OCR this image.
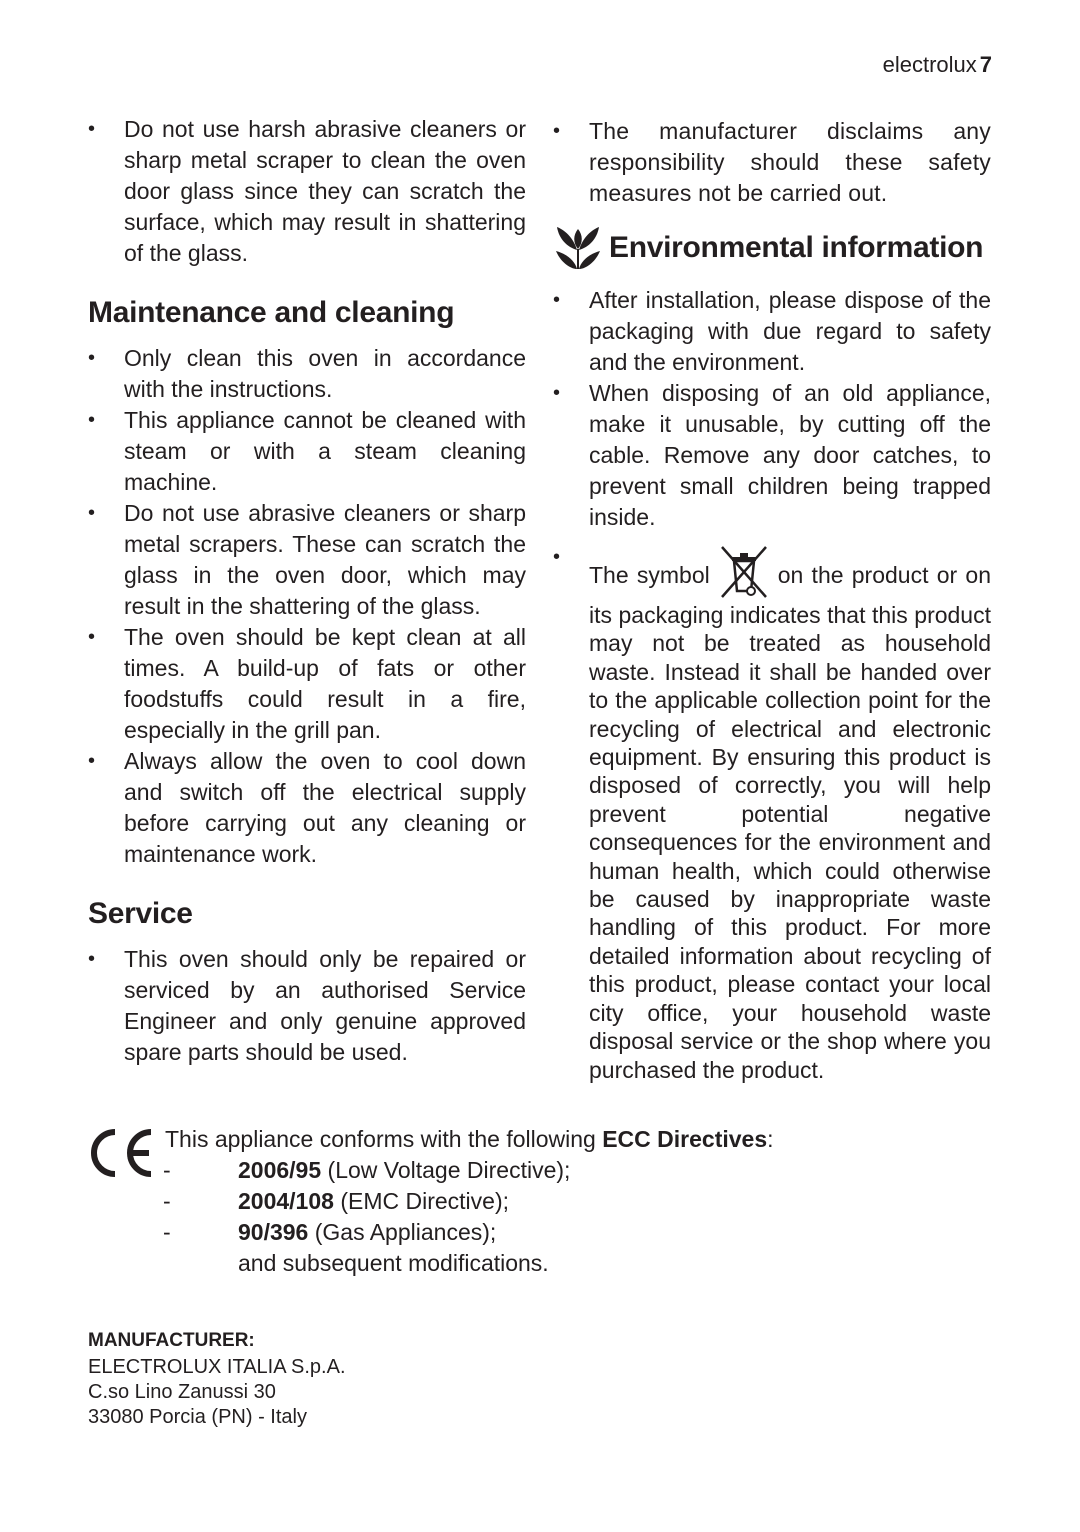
electrolux 7
• Do not use harsh abrasive cleaners or sharp metal scraper to clean the oven door glass since they can scratch the surface, which may result in shattering of the glass.
Maintenance and cleaning
• Only clean this oven in accordance with the instructions.
• This appliance cannot be cleaned with steam or with a steam cleaning machine.
• Do not use abrasive cleaners or sharp metal scrapers. These can scratch the glass in the oven door, which may result in the shattering of the glass.
• The oven should be kept clean at all times. A build-up of fats or other foodstuffs could result in a fire, especially in the grill pan.
• Always allow the oven to cool down and switch off the electrical supply before carrying out any cleaning or maintenance work.
Service
• This oven should only be repaired or serviced by an authorised Service Engineer and only genuine approved spare parts should be used.
• The manufacturer disclaims any responsibility should these safety measures not be carried out.
Environmental information
• After installation, please dispose of the packaging with due regard to safety and the environment.
• When disposing of an old appliance, make it unusable, by cutting off the cable. Remove any door catches, to prevent small children being trapped inside.
•
The symbol	on the product or on its packaging indicates that this product may not be treated as household waste. Instead it shall be handed over to the applicable collection point for the recycling of electrical and electronic equipment. By ensuring this product is disposed of correctly, you will help prevent potential negative consequences for the environment and human health, which could otherwise be caused by inappropriate waste handling of this product. For more detailed information about recycling of this product, please contact your local city office, your household waste disposal service or the shop where you purchased the product.
This appliance conforms with the following ECC Directives:
-	2006/95 (Low Voltage Directive);
-	2004/108 (EMC Directive);
-	90/396 (Gas Appliances);
and subsequent modifications.
MANUFACTURER:
ELECTROLUX ITALIA S.p.A.
C.so Lino Zanussi 30
33080 Porcia (PN) - Italy
